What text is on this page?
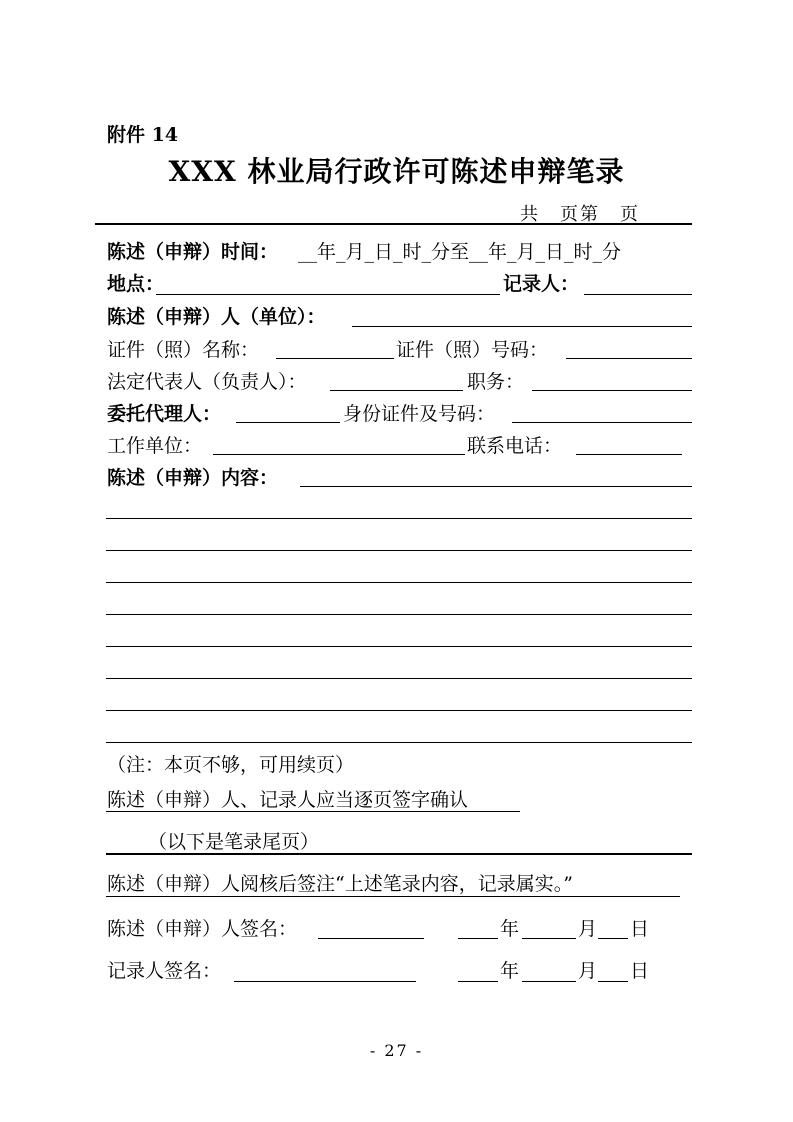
附件 14
XXX 林业局行政许可陈述申辩笔录
共　页第　页
陈述（申辩）时间： __年_月_日_时_分至__年_月_日_时_分
地点：	记录人：
陈述（申辩）人（单位）：
证件（照）名称：	证件（照）号码：
法定代表人（负责人）：	职务：
委托代理人：	身份证件及号码：
工作单位：	联系电话：
陈述（申辩）内容：
（注：本页不够，可用续页）
陈述（申辩）人、记录人应当逐页签字确认
（以下是笔录尾页）
陈述（申辩）人阅核后签注“上述笔录内容，记录属实。”
陈述（申辩）人签名：	年	月 日
记录人签名：	年	月 日
- 27 -
